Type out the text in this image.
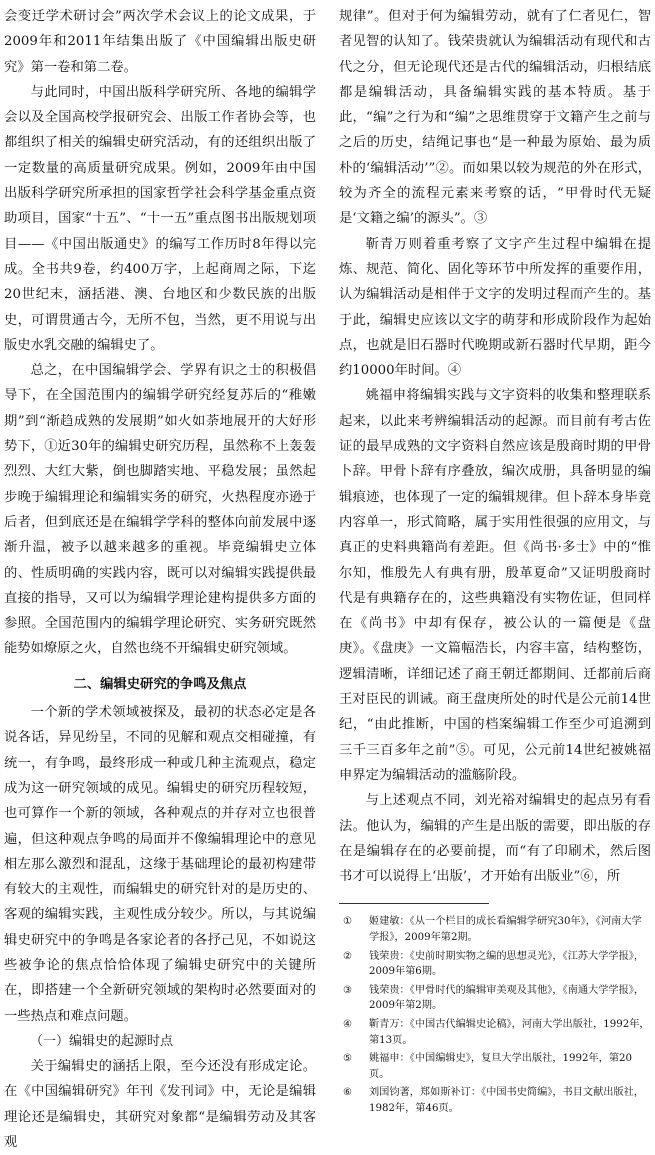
会变迁学术研讨会”两次学术会议上的论文成果，于2009年和2011年结集出版了《中国编辑出版史研究》第一卷和第二卷。

与此同时，中国出版科学研究所、各地的编辑学会以及全国高校学报研究会、出版工作者协会等，也都组织了相关的编辑史研究活动，有的还组织出版了一定数量的高质量研究成果。例如，2009年由中国出版科学研究所承担的国家哲学社会科学基金重点资助项目，国家“十五”、“十一五”重点图书出版规划项目——《中国出版通史》的编写工作历时8年得以完成。全书共9卷，约400万字，上起商周之际，下迄20世纪末，涵括港、澳、台地区和少数民族的出版史，可谓贯通古今，无所不包，当然，更不用说与出版史水乳交融的编辑史了。

总之，在中国编辑学会、学界有识之士的积极倡导下，在全国范围内的编辑学研究经复苏后的“稚嫩期”到“渐趋成熟的发展期”如火如荼地展开的大好形势下，①近30年的编辑史研究历程，虽然称不上轰轰烈烈、大红大紫，倒也脚踏实地、平稳发展；虽然起步晚于编辑理论和编辑实务的研究，火热程度亦逊于后者，但到底还是在编辑学学科的整体向前发展中逐渐升温，被予以越来越多的重视。毕竟编辑史立体的、性质明确的实践内容，既可以对编辑实践提供最直接的指导，又可以为编辑学理论建构提供多方面的参照。全国范围内的编辑学理论研究、实务研究既然能势如燎原之火，自然也绕不开编辑史研究领域。

二、编辑史研究的争鸣及焦点

一个新的学术领域被探及，最初的状态必定是各说各话，异见纷呈，不同的见解和观点交相碰撞，有统一，有争鸣，最终形成一种或几种主流观点，稳定成为这一研究领域的成见。编辑史的研究历程较短，也可算作一个新的领域，各种观点的并存对立也很普遍，但这种观点争鸣的局面并不像编辑理论中的意见相左那么激烈和混乱，这缘于基础理论的最初构建带有较大的主观性，而编辑史的研究针对的是历史的、客观的编辑实践，主观性成分较少。所以，与其说编辑史研究中的争鸣是各家论者的各抒己见，不如说这些被争论的焦点恰恰体现了编辑史研究中的关键所在，即搭建一个全新研究领域的架构时必然要面对的一些热点和难点问题。

（一）编辑史的起源时点

关于编辑史的涵括上限，至今还没有形成定论。在《中国编辑研究》年刊《发刊词》中，无论是编辑理论还是编辑史，其研究对象都“是编辑劳动及其客观

规律”。但对于何为编辑劳动，就有了仁者见仁，智者见智的认知了。钱荣贵就认为编辑活动有现代和古代之分，但无论现代还是古代的编辑活动，归根结底都是编辑活动，具备编辑实践的基本特质。基于此，“编”之行为和“编”之思维贯穿于文籍产生之前与之后的历史，结绳记事也“是一种最为原始、最为质朴的‘编辑活动’”②。而如果以较为规范的外在形式，较为齐全的流程元素来考察的话，“甲骨时代无疑是‘文籍之编’的源头”。③

靳青万则着重考察了文字产生过程中编辑在提炼、规范、简化、固化等环节中所发挥的重要作用，认为编辑活动是相伴于文字的发明过程而产生的。基于此，编辑史应该以文字的萌芽和形成阶段作为起始点，也就是旧石器时代晚期或新石器时代早期，距今约10000年时间。④

姚福申将编辑实践与文字资料的收集和整理联系起来，以此来考辨编辑活动的起源。而目前有考古佐证的最早成熟的文字资料自然应该是殷商时期的甲骨卜辞。甲骨卜辞有序叠放，编次成册，具备明显的编辑痕迹，也体现了一定的编辑规律。但卜辞本身毕竟内容单一，形式简略，属于实用性很强的应用文，与真正的史料典籍尚有差距。但《尚书·多士》中的“惟尔知，惟殷先人有典有册，殷革夏命”又证明殷商时代是有典籍存在的，这些典籍没有实物佐证，但同样在《尚书》中却有保存，被公认的一篇便是《盘庚》。《盘庚》一文篇幅浩长，内容丰富，结构整饬，逻辑清晰，详细记述了商王朝迁都期间、迁都前后商王对臣民的训诫。商王盘庚所处的时代是公元前14世纪，“由此推断，中国的档案编辑工作至少可追溯到三千三百多年之前”⑤。可见，公元前14世纪被姚福申界定为编辑活动的滥觞阶段。

与上述观点不同，刘光裕对编辑史的起点另有看法。他认为，编辑的产生是出版的需要，即出版的存在是编辑存在的必要前提，而“有了印刷术，然后图书才可以说得上‘出版’，才开始有出版业”⑥，所

①	姬建敏：《从一个栏目的成长看编辑学研究30年》，《河南大学学报》，2009年第2期。
②	钱荣贵：《史前时期实物之编的思想灵光》，《江苏大学学报》，2009年第6期。
③	钱荣贵：《甲骨时代的编辑审美观及其他》，《南通大学学报》，2009年第2期。
④	靳青万：《中国古代编辑史论稿》，河南大学出版社，1992年，第13页。
⑤	姚福申：《中国编辑史》，复旦大学出版社，1992年，第20页。
⑥	刘国钧著，郑如斯补订：《中国书史简编》，书目文献出版社，1982年，第46页。
